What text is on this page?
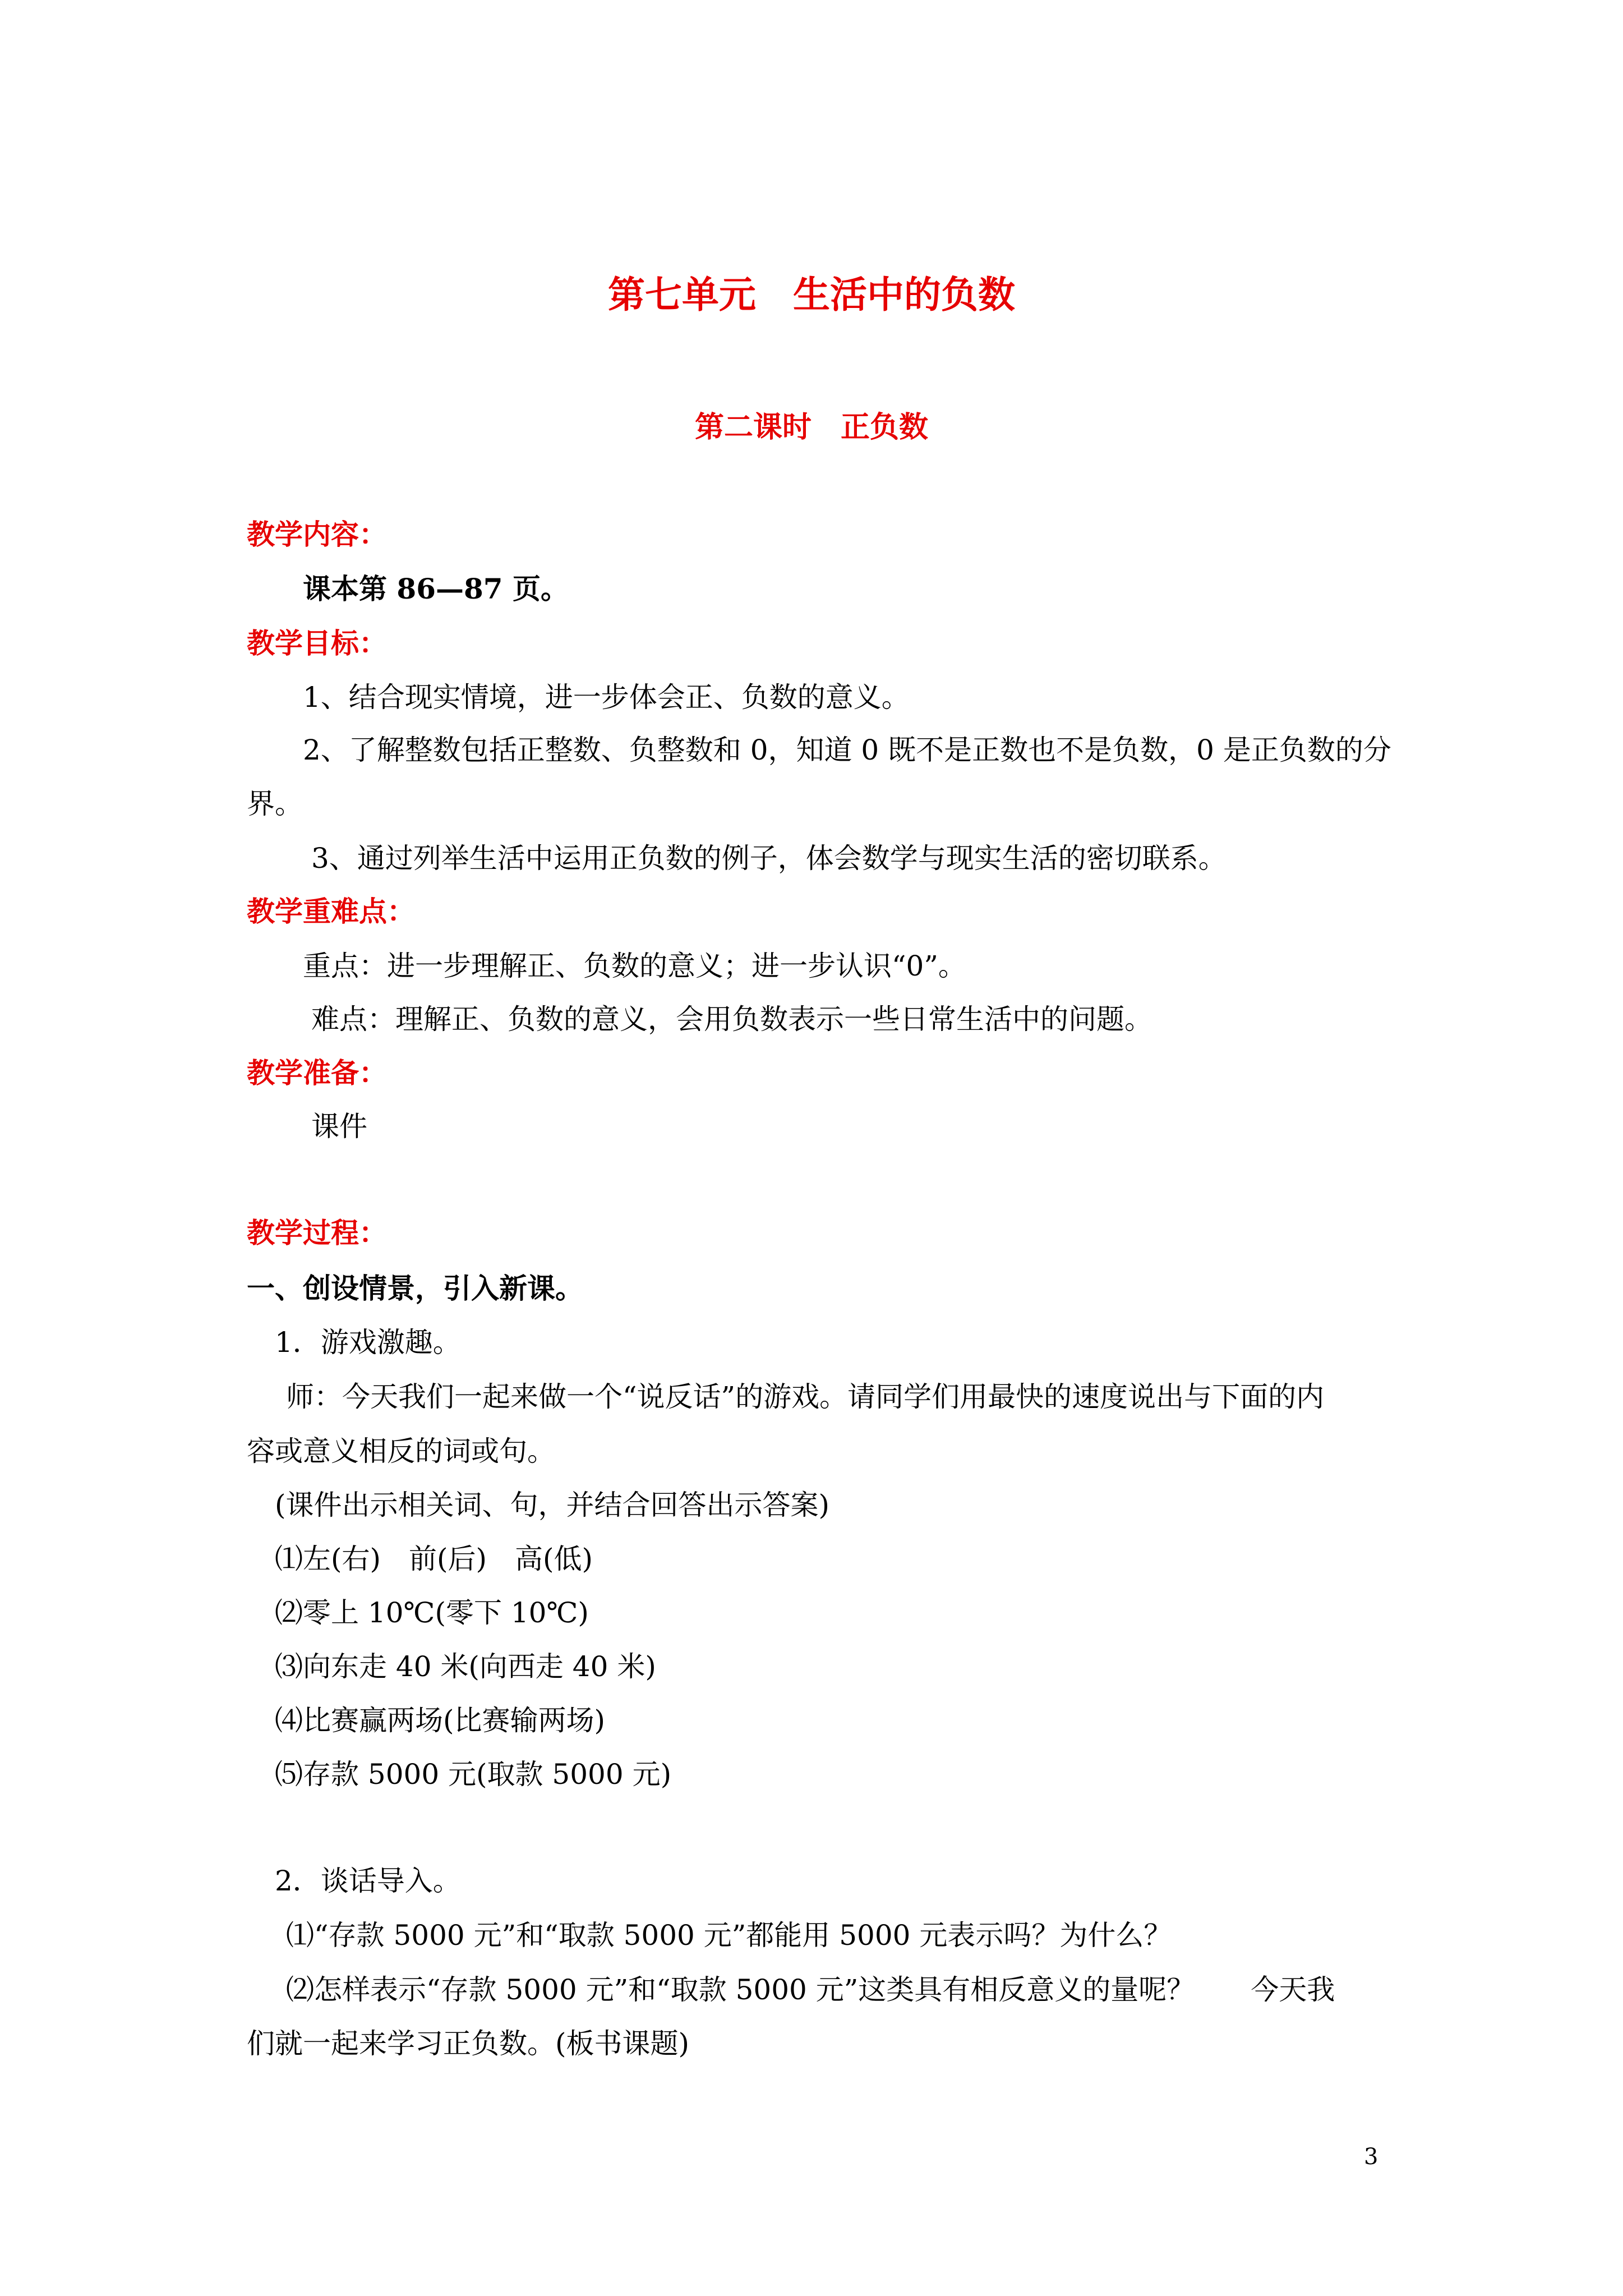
第七单元　生活中的负数
第二课时　正负数
教学内容：
课本第 86—87 页。
教学目标：
1、结合现实情境，进一步体会正、负数的意义。
2、了解整数包括正整数、负整数和 0，知道 0 既不是正数也不是负数，0 是正负数的分
界。
3、通过列举生活中运用正负数的例子，体会数学与现实生活的密切联系。
教学重难点：
重点：进一步理解正、负数的意义；进一步认识“0”。
难点：理解正、负数的意义，会用负数表示一些日常生活中的问题。
教学准备：
课件
教学过程：
一、创设情景，引入新课。
1．游戏激趣。
师：今天我们一起来做一个“说反话”的游戏。请同学们用最快的速度说出与下面的内
容或意义相反的词或句。
(课件出示相关词、句，并结合回答出示答案)
⑴左(右)　前(后)　高(低)
⑵零上 10℃(零下 10℃)
⑶向东走 40 米(向西走 40 米)
⑷比赛赢两场(比赛输两场)
⑸存款 5000 元(取款 5000 元)
2．谈话导入。
⑴“存款 5000 元”和“取款 5000 元”都能用 5000 元表示吗？为什么？
⑵怎样表示“存款 5000 元”和“取款 5000 元”这类具有相反意义的量呢？　　今天我
们就一起来学习正负数。(板书课题)
3
